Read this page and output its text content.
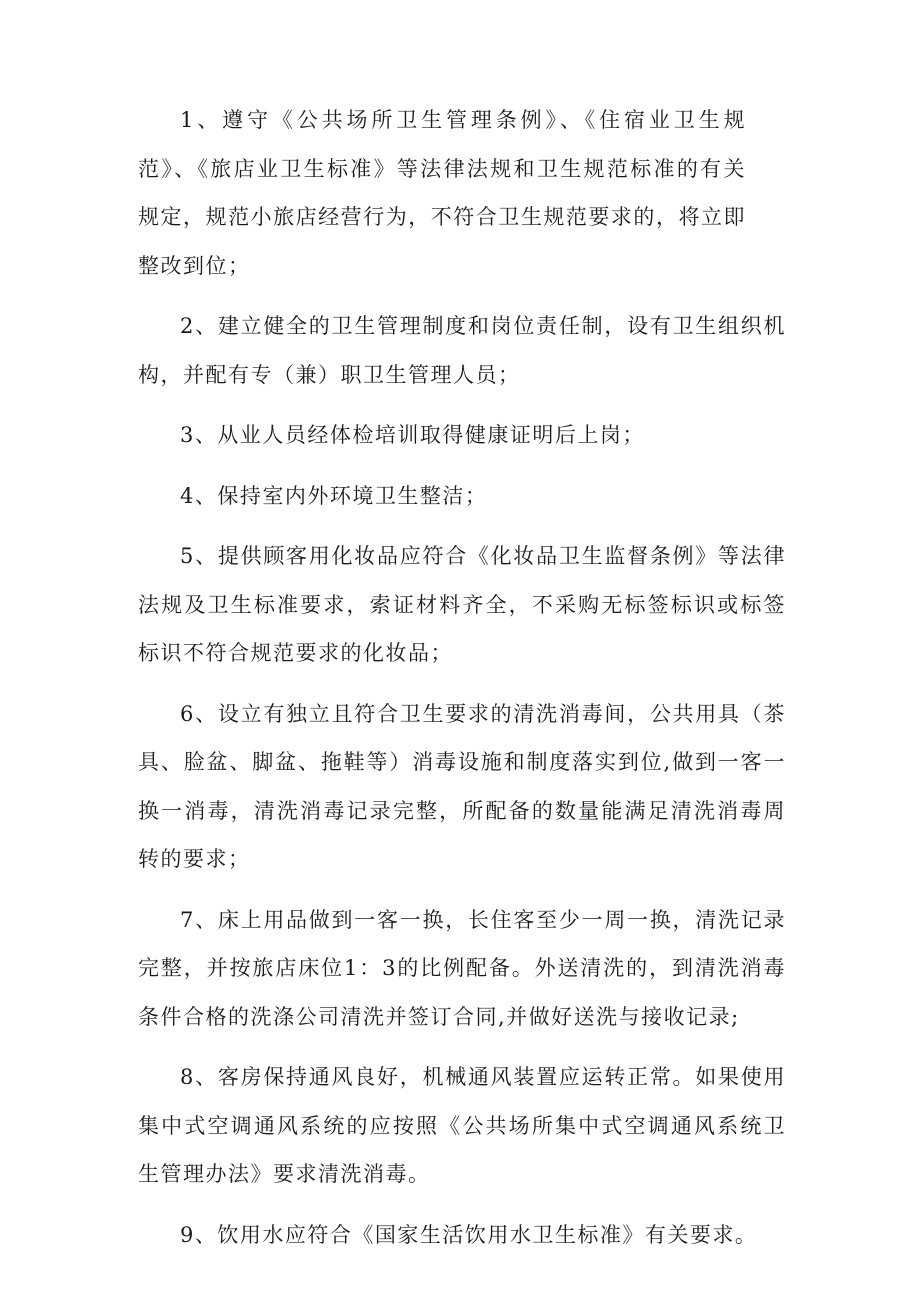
1、遵守《公共场所卫生管理条例》、《住宿业卫生规范》、《旅店业卫生标准》等法律法规和卫生规范标准的有关规定，规范小旅店经营行为，不符合卫生规范要求的，将立即整改到位；

2、建立健全的卫生管理制度和岗位责任制，设有卫生组织机构，并配有专（兼）职卫生管理人员；

3、从业人员经体检培训取得健康证明后上岗；

4、保持室内外环境卫生整洁；

5、提供顾客用化妆品应符合《化妆品卫生监督条例》等法律法规及卫生标准要求，索证材料齐全，不采购无标签标识或标签标识不符合规范要求的化妆品；

6、设立有独立且符合卫生要求的清洗消毒间，公共用具（茶具、脸盆、脚盆、拖鞋等）消毒设施和制度落实到位,做到一客一换一消毒，清洗消毒记录完整，所配备的数量能满足清洗消毒周转的要求；

7、床上用品做到一客一换，长住客至少一周一换，清洗记录完整，并按旅店床位1：3的比例配备。外送清洗的，到清洗消毒条件合格的洗涤公司清洗并签订合同,并做好送洗与接收记录;

8、客房保持通风良好，机械通风装置应运转正常。如果使用集中式空调通风系统的应按照《公共场所集中式空调通风系统卫生管理办法》要求清洗消毒。

9、饮用水应符合《国家生活饮用水卫生标准》有关要求。
